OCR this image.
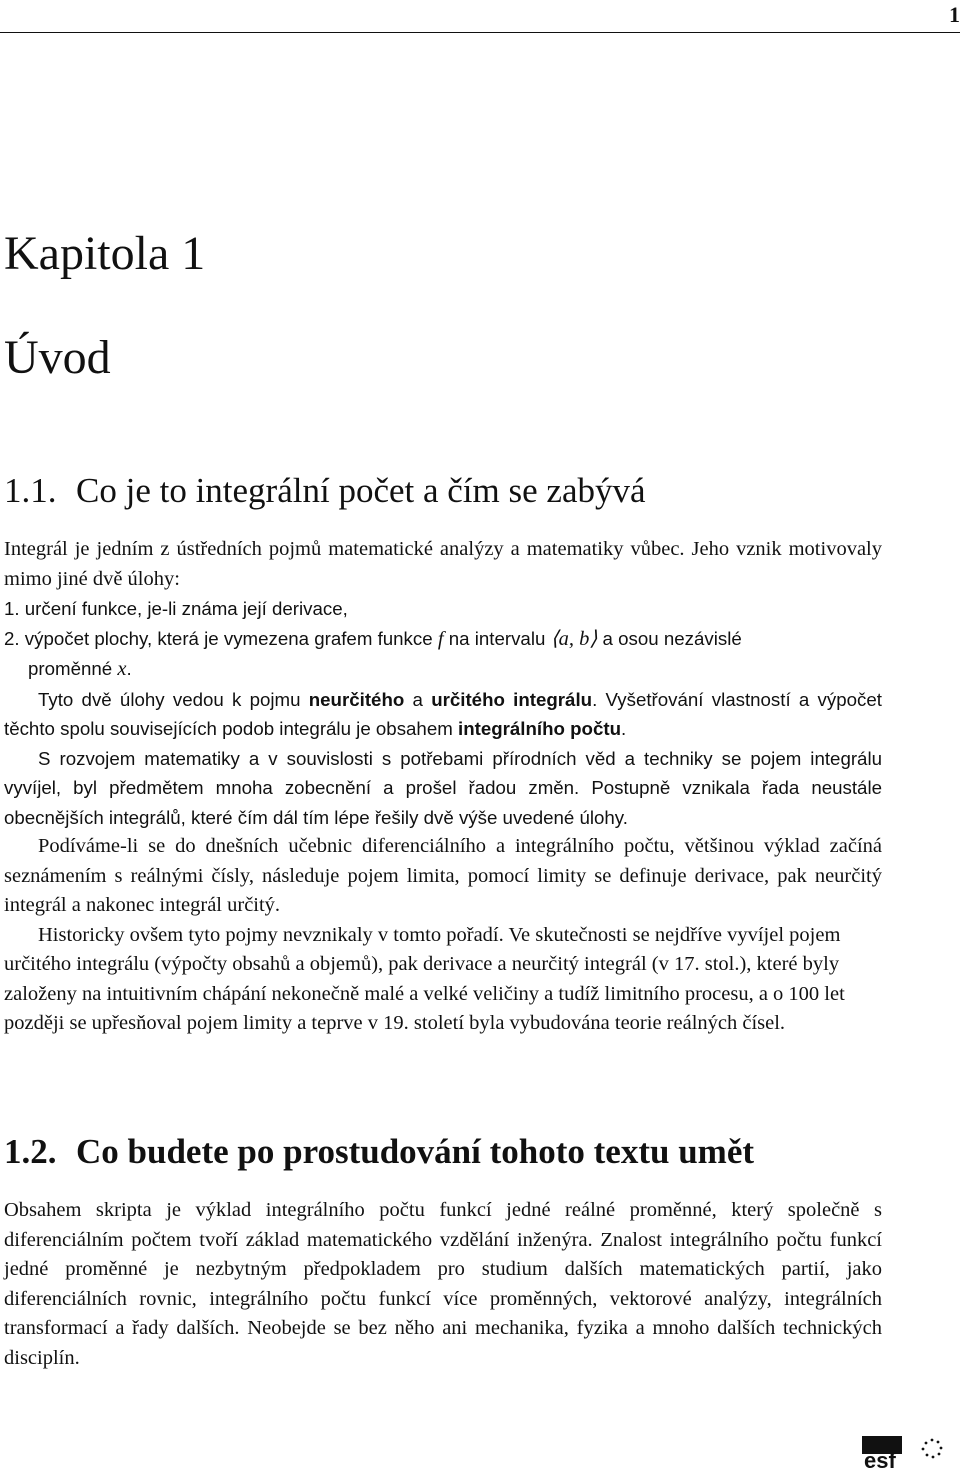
1
Kapitola 1
Úvod
1.1. Co je to integrální počet a čím se zabývá

Integrál je jedním z ústředních pojmů matematické analýzy a matematiky vůbec. Jeho vznik motivovaly mimo jiné dvě úlohy:

1. určení funkce, je-li známa její derivace,

2. výpočet plochy, která je vymezena grafem funkce f na intervalu ⟨a, b⟩ a osou nezávislé
proměnné x.

Tyto dvě úlohy vedou k pojmu neurčitého a určitého integrálu. Vyšetřování vlastností a výpočet těchto spolu souvisejících podob integrálu je obsahem integrálního počtu.

S rozvojem matematiky a v souvislosti s potřebami přírodních věd a techniky se pojem integrálu vyvíjel, byl předmětem mnoha zobecnění a prošel řadou změn. Postupně vznikala řada neustále obecnějších integrálů, které čím dál tím lépe řešily dvě výše uvedené úlohy.

Podíváme-li se do dnešních učebnic diferenciálního a integrálního počtu, většinou výklad začíná seznámením s reálnými čísly, následuje pojem limita, pomocí limity se definuje derivace, pak neurčitý integrál a nakonec integrál určitý.

Historicky ovšem tyto pojmy nevznikaly v tomto pořadí. Ve skutečnosti se nejdříve vyvíjel pojem určitého integrálu (výpočty obsahů a objemů), pak derivace a neurčitý integrál (v 17. stol.), které byly založeny na intuitivním chápání nekonečně malé a velké veličiny a tudíž limitního procesu, a o 100 let později se upřesňoval pojem limity a teprve v 19. století byla vybudována teorie reálných čísel.

1.2. Co budete po prostudování tohoto textu umět

Obsahem skripta je výklad integrálního počtu funkcí jedné reálné proměnné, který společně s diferenciálním počtem tvoří základ matematického vzdělání inženýra. Znalost integrálního počtu funkcí jedné proměnné je nezbytným předpokladem pro studium dalších matematických partií, jako diferenciálních rovnic, integrálního počtu funkcí více proměnných, vektorové analýzy, integrálních transformací a řady dalších. Neobejde se bez něho ani mechanika, fyzika a mnoho dalších technických disciplín.

esf
